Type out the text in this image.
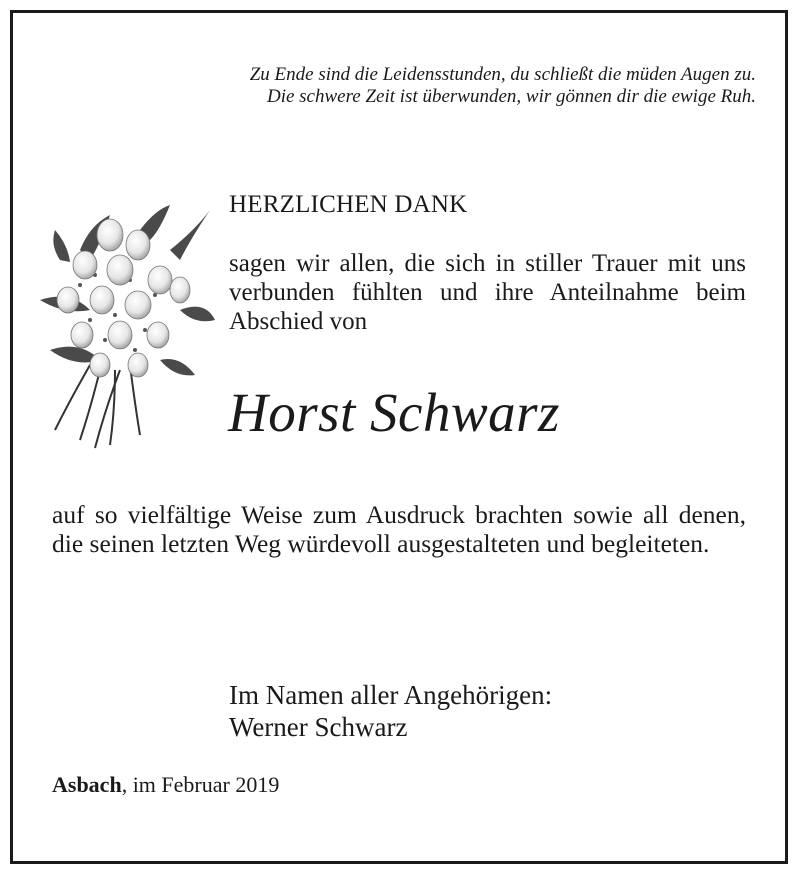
Zu Ende sind die Leidensstunden, du schließt die müden Augen zu.
Die schwere Zeit ist überwunden, wir gönnen dir die ewige Ruh.
HERZLICHEN DANK
sagen wir allen, die sich in stiller Trauer mit uns verbunden fühlten und ihre Anteilnahme beim Abschied von
Horst Schwarz
auf so vielfältige Weise zum Ausdruck brachten sowie all denen, die seinen letzten Weg würdevoll ausgestalteten und begleiteten.
Im Namen aller Angehörigen:
Werner Schwarz
Asbach, im Februar 2019
